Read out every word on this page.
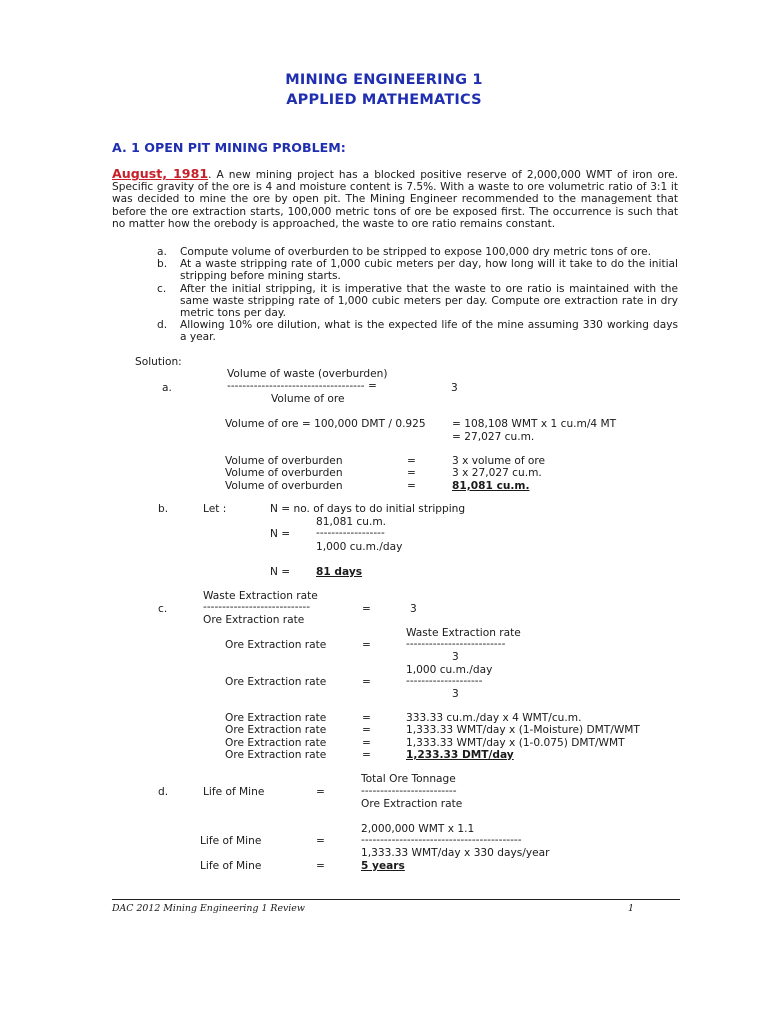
MINING ENGINEERING 1
APPLIED MATHEMATICS
A. 1 OPEN PIT MINING PROBLEM:
August, 1981. A new mining project has a blocked positive reserve of 2,000,000 WMT of iron ore. Specific gravity of the ore is 4 and moisture content is 7.5%. With a waste to ore volumetric ratio of 3:1 it was decided to mine the ore by open pit. The Mining Engineer recommended to the management that before the ore extraction starts, 100,000 metric tons of ore be exposed first. The occurrence is such that no matter how the orebody is approached, the waste to ore ratio remains constant.
a. Compute volume of overburden to be stripped to expose 100,000 dry metric tons of ore.
b. At a waste stripping rate of 1,000 cubic meters per day, how long will it take to do the initial stripping before mining starts.
c. After the initial stripping, it is imperative that the waste to ore ratio is maintained with the same waste stripping rate of 1,000 cubic meters per day. Compute ore extraction rate in dry metric tons per day.
d. Allowing 10% ore dilution, what is the expected life of the mine assuming 330 working days a year.
Solution:
Volume of waste (overburden)
a.	------------------------------------ =	3
Volume of ore
Volume of ore = 100,000 DMT / 0.925 = 108,108 WMT x 1 cu.m/4 MT
= 27,027 cu.m.
Volume of overburden	=	3 x volume of ore
Volume of overburden	=	3 x 27,027 cu.m.
Volume of overburden	=	81,081 cu.m.
b.	Let :	N = no. of days to do initial stripping
81,081 cu.m.
N = ------------------
1,000 cu.m./day
N = 81 days
Waste Extraction rate
c.	----------------------------	=	3
Ore Extraction rate
Waste Extraction rate
Ore Extraction rate	=	--------------------------
3
1,000 cu.m./day
Ore Extraction rate	=	--------------------
3
Ore Extraction rate	=	333.33 cu.m./day x 4 WMT/cu.m.
Ore Extraction rate	=	1,333.33 WMT/day x (1-Moisture) DMT/WMT
Ore Extraction rate	=	1,333.33 WMT/day x (1-0.075) DMT/WMT
Ore Extraction rate	=	1,233.33 DMT/day
Total Ore Tonnage
d.	Life of Mine	=	-------------------------
Ore Extraction rate
2,000,000 WMT x 1.1
Life of Mine	=	------------------------------------------
1,333.33 WMT/day x 330 days/year
Life of Mine	=	5 years
DAC 2012 Mining Engineering 1 Review	1
